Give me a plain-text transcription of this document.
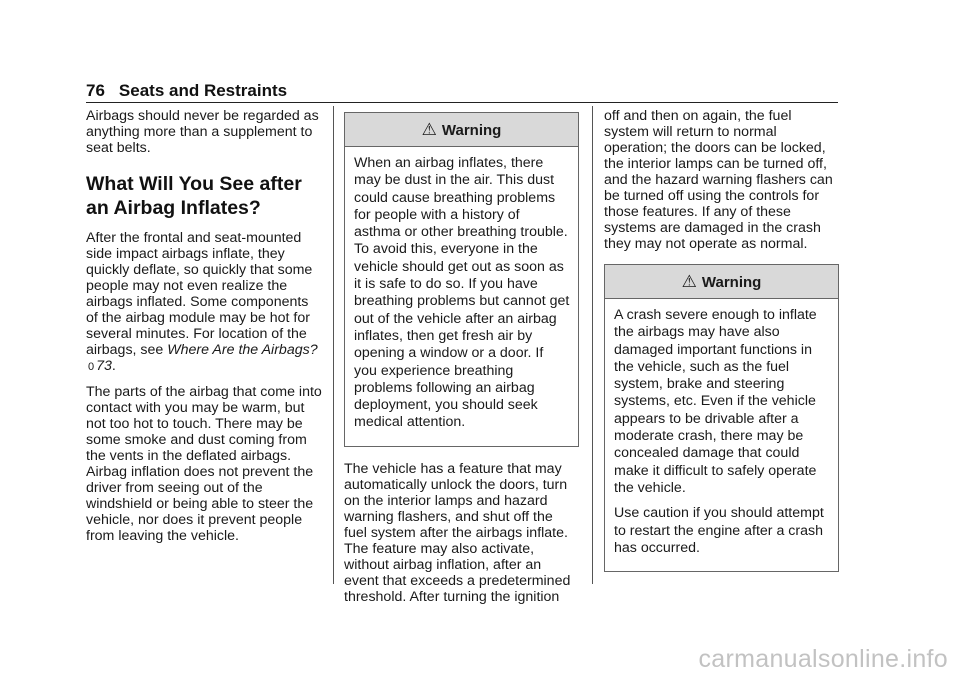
76 Seats and Restraints

Airbags should never be regarded as anything more than a supplement to seat belts.

What Will You See after an Airbag Inflates?

After the frontal and seat-mounted side impact airbags inflate, they quickly deflate, so quickly that some people may not even realize the airbags inflated. Some components of the airbag module may be hot for several minutes. For location of the airbags, see Where Are the Airbags? 0 73.

The parts of the airbag that come into contact with you may be warm, but not too hot to touch. There may be some smoke and dust coming from the vents in the deflated airbags. Airbag inflation does not prevent the driver from seeing out of the windshield or being able to steer the vehicle, nor does it prevent people from leaving the vehicle.

⚠ Warning

When an airbag inflates, there may be dust in the air. This dust could cause breathing problems for people with a history of asthma or other breathing trouble. To avoid this, everyone in the vehicle should get out as soon as it is safe to do so. If you have breathing problems but cannot get out of the vehicle after an airbag inflates, then get fresh air by opening a window or a door. If you experience breathing problems following an airbag deployment, you should seek medical attention.

The vehicle has a feature that may automatically unlock the doors, turn on the interior lamps and hazard warning flashers, and shut off the fuel system after the airbags inflate. The feature may also activate, without airbag inflation, after an event that exceeds a predetermined threshold. After turning the ignition

off and then on again, the fuel system will return to normal operation; the doors can be locked, the interior lamps can be turned off, and the hazard warning flashers can be turned off using the controls for those features. If any of these systems are damaged in the crash they may not operate as normal.

⚠ Warning

A crash severe enough to inflate the airbags may have also damaged important functions in the vehicle, such as the fuel system, brake and steering systems, etc. Even if the vehicle appears to be drivable after a moderate crash, there may be concealed damage that could make it difficult to safely operate the vehicle.

Use caution if you should attempt to restart the engine after a crash has occurred.

carmanualsonline.info
